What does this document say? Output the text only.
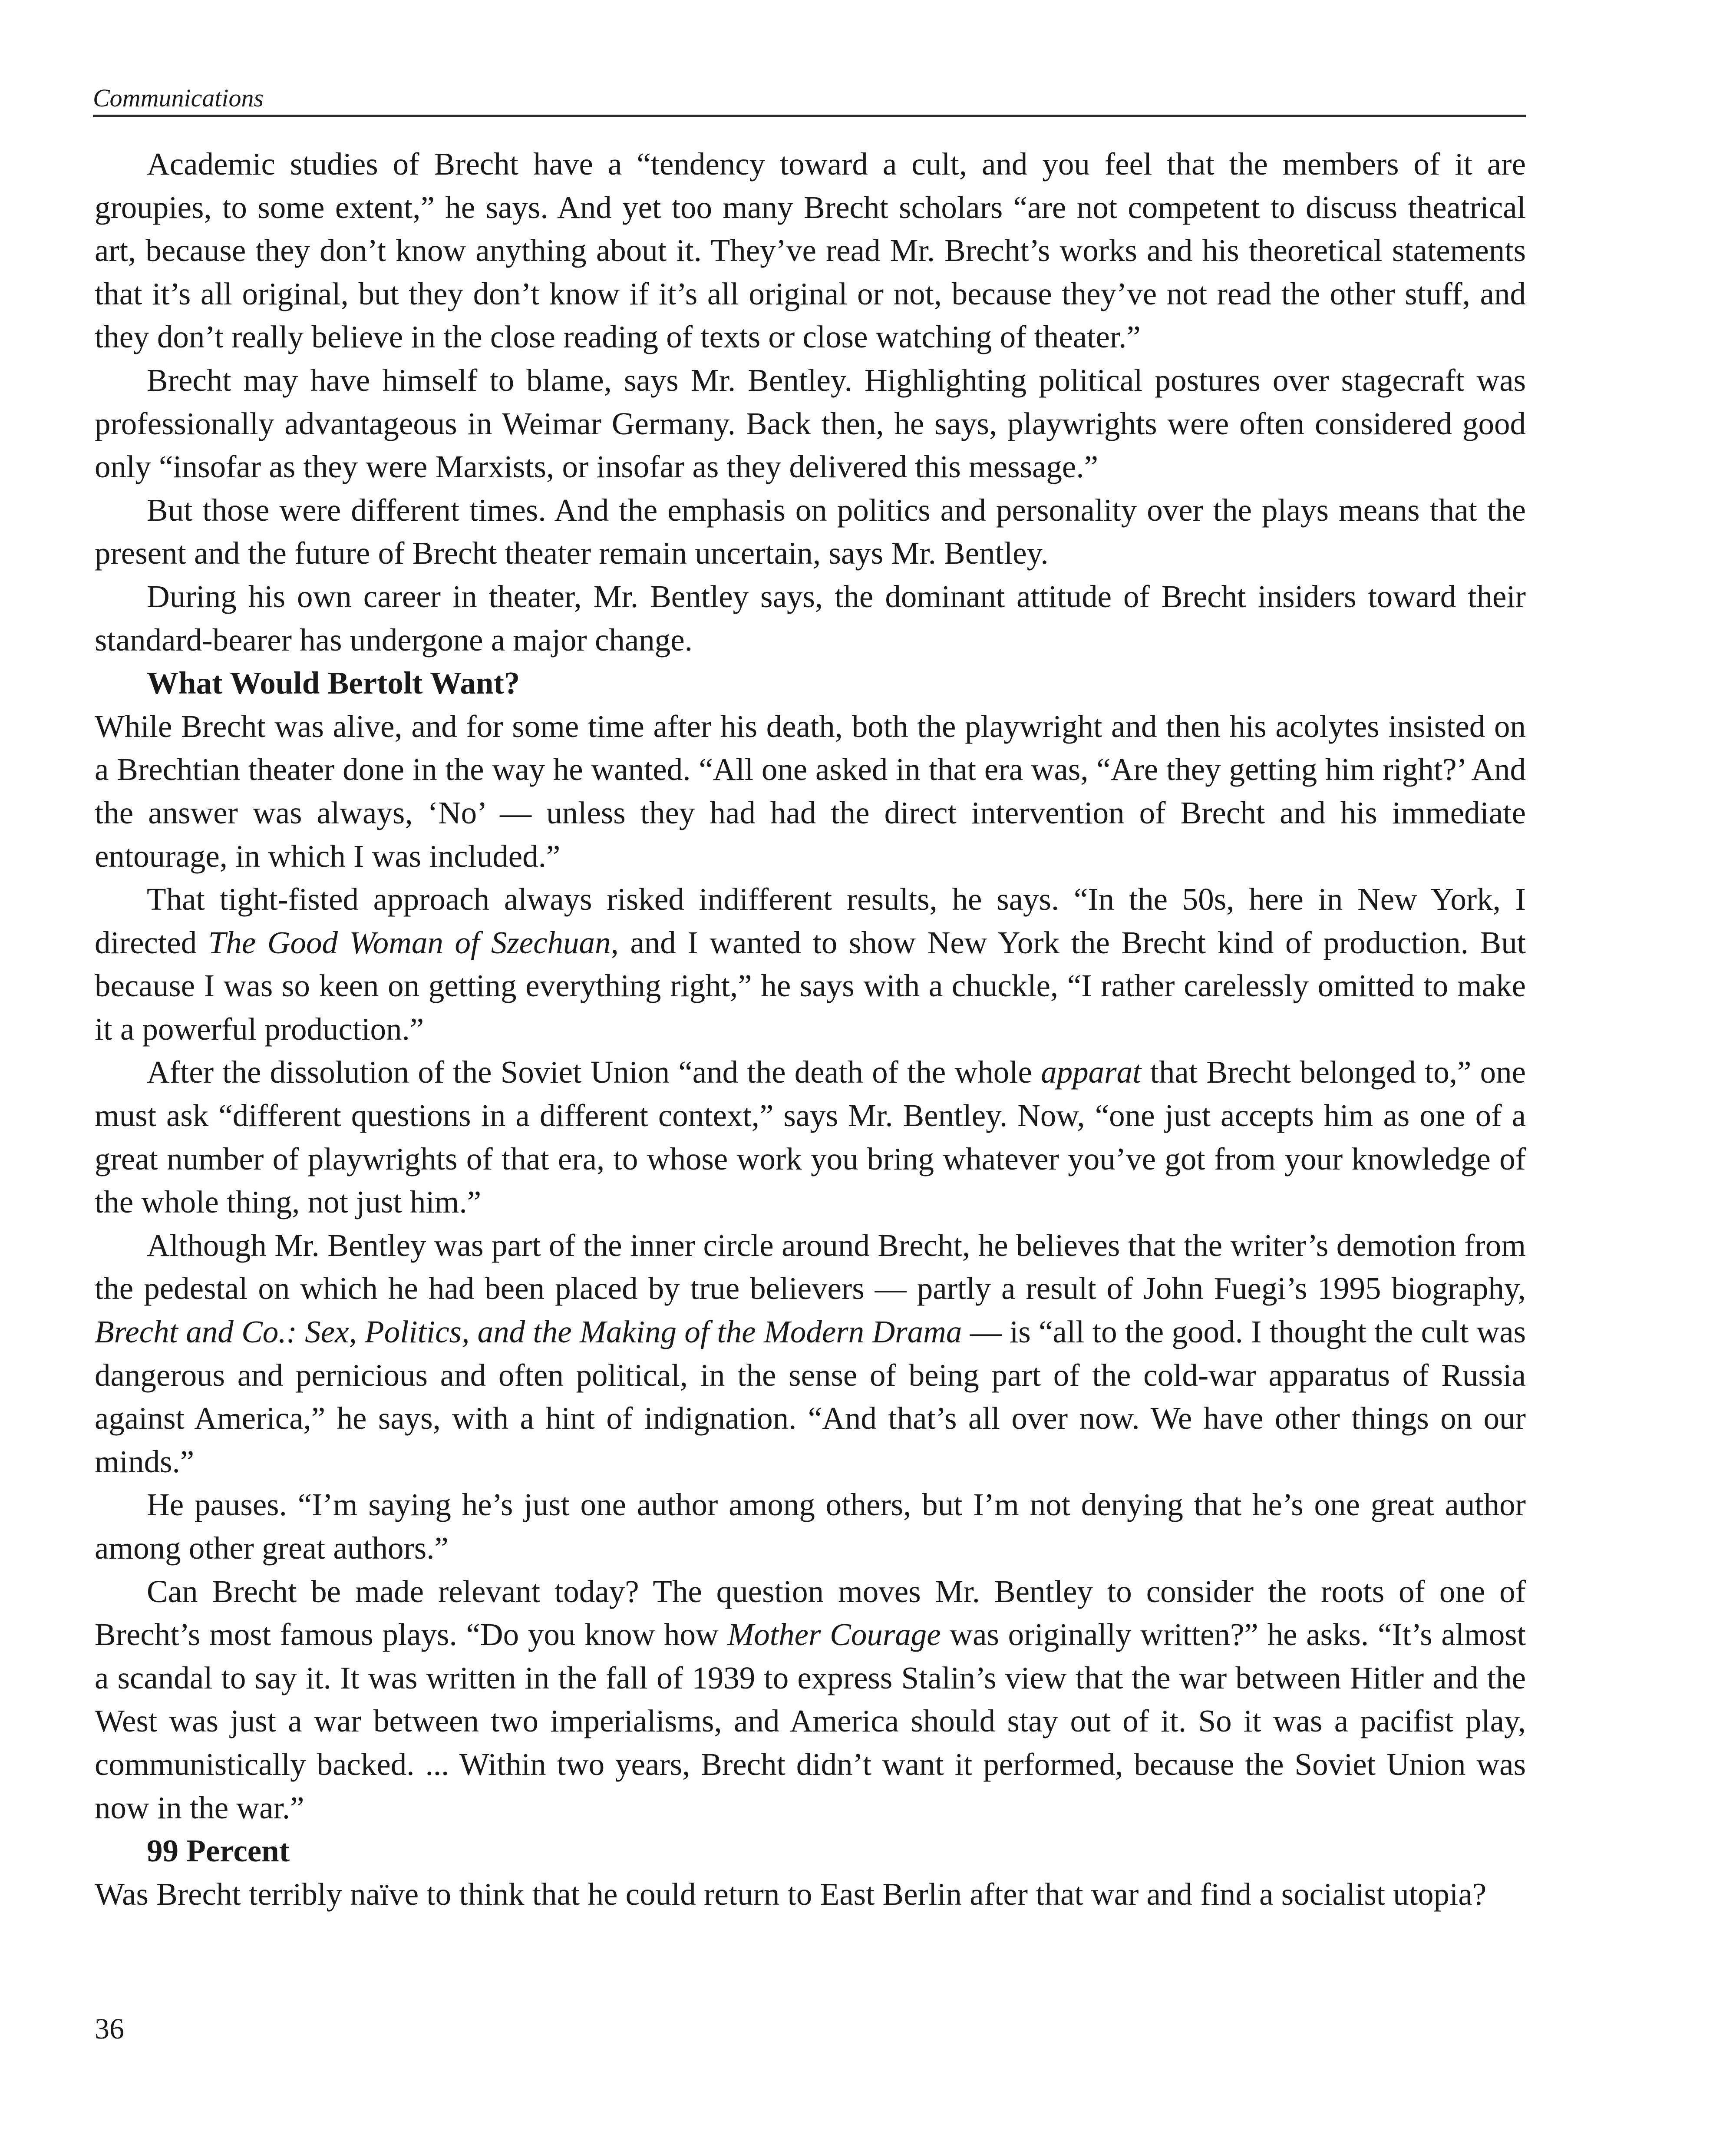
Communications

Academic studies of Brecht have a “tendency toward a cult, and you feel that the members of it are groupies, to some extent,” he says. And yet too many Brecht scholars “are not competent to discuss theatrical art, because they don’t know anything about it. They’ve read Mr. Brecht’s works and his theoretical statements that it’s all original, but they don’t know if it’s all original or not, because they’ve not read the other stuff, and they don’t really believe in the close reading of texts or close watching of theater.”

Brecht may have himself to blame, says Mr. Bentley. Highlighting political postures over stagecraft was professionally advantageous in Weimar Germany. Back then, he says, playwrights were often considered good only “insofar as they were Marxists, or insofar as they delivered this message.”

But those were different times. And the emphasis on politics and personality over the plays means that the present and the future of Brecht theater remain uncertain, says Mr. Bentley.

During his own career in theater, Mr. Bentley says, the dominant attitude of Brecht insiders toward their standard-bearer has undergone a major change.

What Would Bertolt Want?

While Brecht was alive, and for some time after his death, both the playwright and then his acolytes insisted on a Brechtian theater done in the way he wanted. “All one asked in that era was, “Are they getting him right?’ And the answer was always, ‘No’ — unless they had had the direct intervention of Brecht and his immediate entourage, in which I was included.”

That tight-fisted approach always risked indifferent results, he says. “In the 50s, here in New York, I directed The Good Woman of Szechuan, and I wanted to show New York the Brecht kind of production. But because I was so keen on getting everything right,” he says with a chuckle, “I rather carelessly omitted to make it a powerful production.”

After the dissolution of the Soviet Union “and the death of the whole apparat that Brecht belonged to,” one must ask “different questions in a different context,” says Mr. Bentley. Now, “one just accepts him as one of a great number of playwrights of that era, to whose work you bring whatever you’ve got from your knowledge of the whole thing, not just him.”

Although Mr. Bentley was part of the inner circle around Brecht, he believes that the writer’s demotion from the pedestal on which he had been placed by true believers — partly a result of John Fuegi’s 1995 biography, Brecht and Co.: Sex, Politics, and the Making of the Modern Drama — is “all to the good. I thought the cult was dangerous and pernicious and often political, in the sense of being part of the cold-war apparatus of Russia against America,” he says, with a hint of indignation. “And that’s all over now. We have other things on our minds.”

He pauses. “I’m saying he’s just one author among others, but I’m not denying that he’s one great author among other great authors.”

Can Brecht be made relevant today? The question moves Mr. Bentley to consider the roots of one of Brecht’s most famous plays. “Do you know how Mother Courage was originally written?” he asks. “It’s almost a scandal to say it. It was written in the fall of 1939 to express Stalin’s view that the war between Hitler and the West was just a war between two imperialisms, and America should stay out of it. So it was a pacifist play, communistically backed. ... Within two years, Brecht didn’t want it performed, because the Soviet Union was now in the war.”

99 Percent

Was Brecht terribly naïve to think that he could return to East Berlin after that war and find a socialist utopia?

36
